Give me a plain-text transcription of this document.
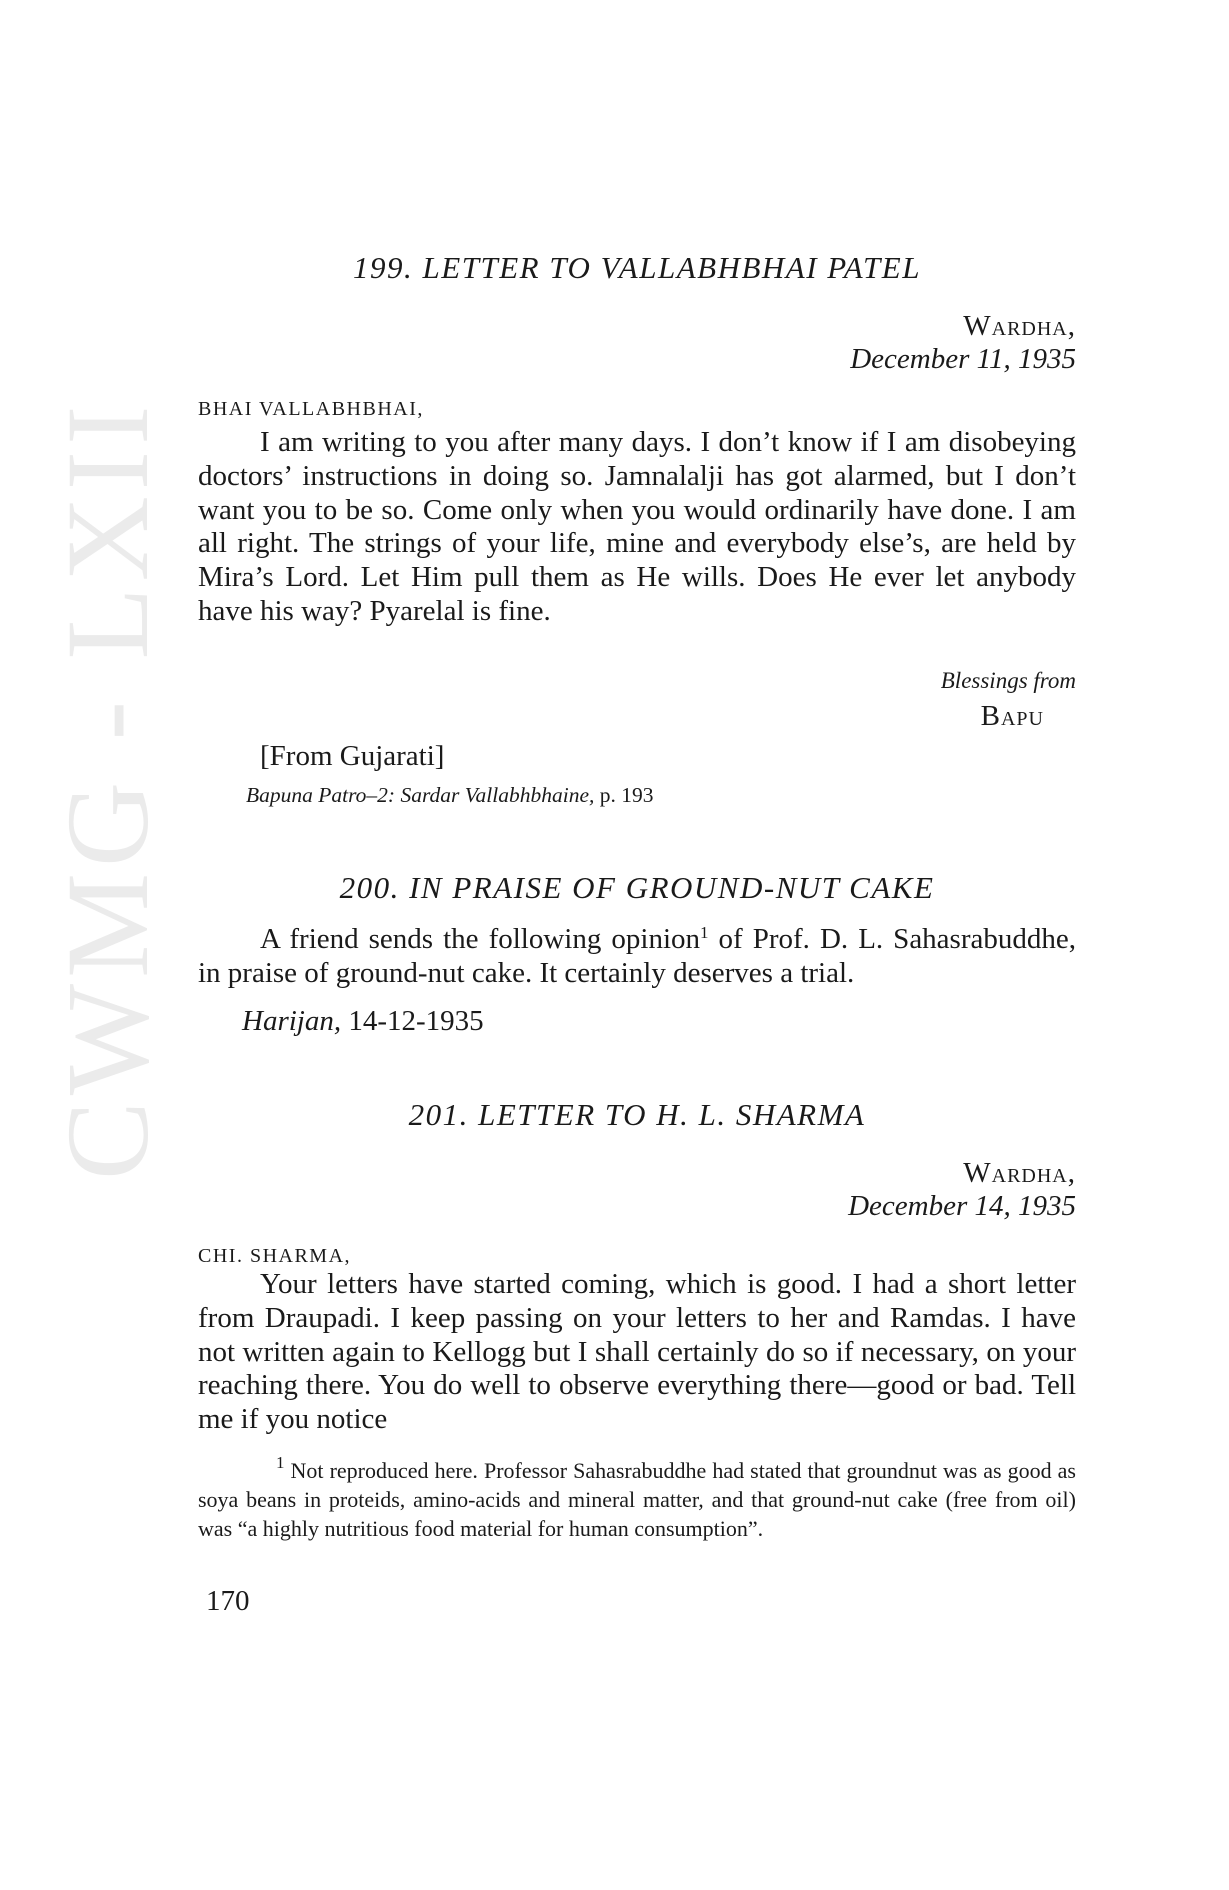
CWMG - LXII
199. LETTER TO VALLABHBHAI PATEL
Wardha,
December 11, 1935
BHAI VALLABHBHAI,
I am writing to you after many days. I don’t know if I am disobeying doctors’ instructions in doing so. Jamnalalji has got alarmed, but I don’t want you to be so. Come only when you would ordinarily have done. I am all right. The strings of your life, mine and everybody else’s, are held by Mira’s Lord. Let Him pull them as He wills. Does He ever let anybody have his way? Pyarelal is fine.
Blessings from
Bapu
[From Gujarati]
Bapuna Patro–2: Sardar Vallabhbhaine, p. 193
200. IN PRAISE OF GROUND-NUT CAKE
A friend sends the following opinion$^1$ of Prof. D. L. Sahasrabuddhe, in praise of ground-nut cake. It certainly deserves a trial.
Harijan, 14-12-1935
201. LETTER TO H. L. SHARMA
Wardha,
December 14, 1935
CHI. SHARMA,
Your letters have started coming, which is good. I had a short letter from Draupadi. I keep passing on your letters to her and Ramdas. I have not written again to Kellogg but I shall certainly do so if necessary, on your reaching there. You do well to observe everything there—good or bad. Tell me if you notice
$^1$ Not reproduced here. Professor Sahasrabuddhe had stated that groundnut was as good as soya beans in proteids, amino-acids and mineral matter, and that ground-nut cake (free from oil) was “a highly nutritious food material for human consumption”.
170
